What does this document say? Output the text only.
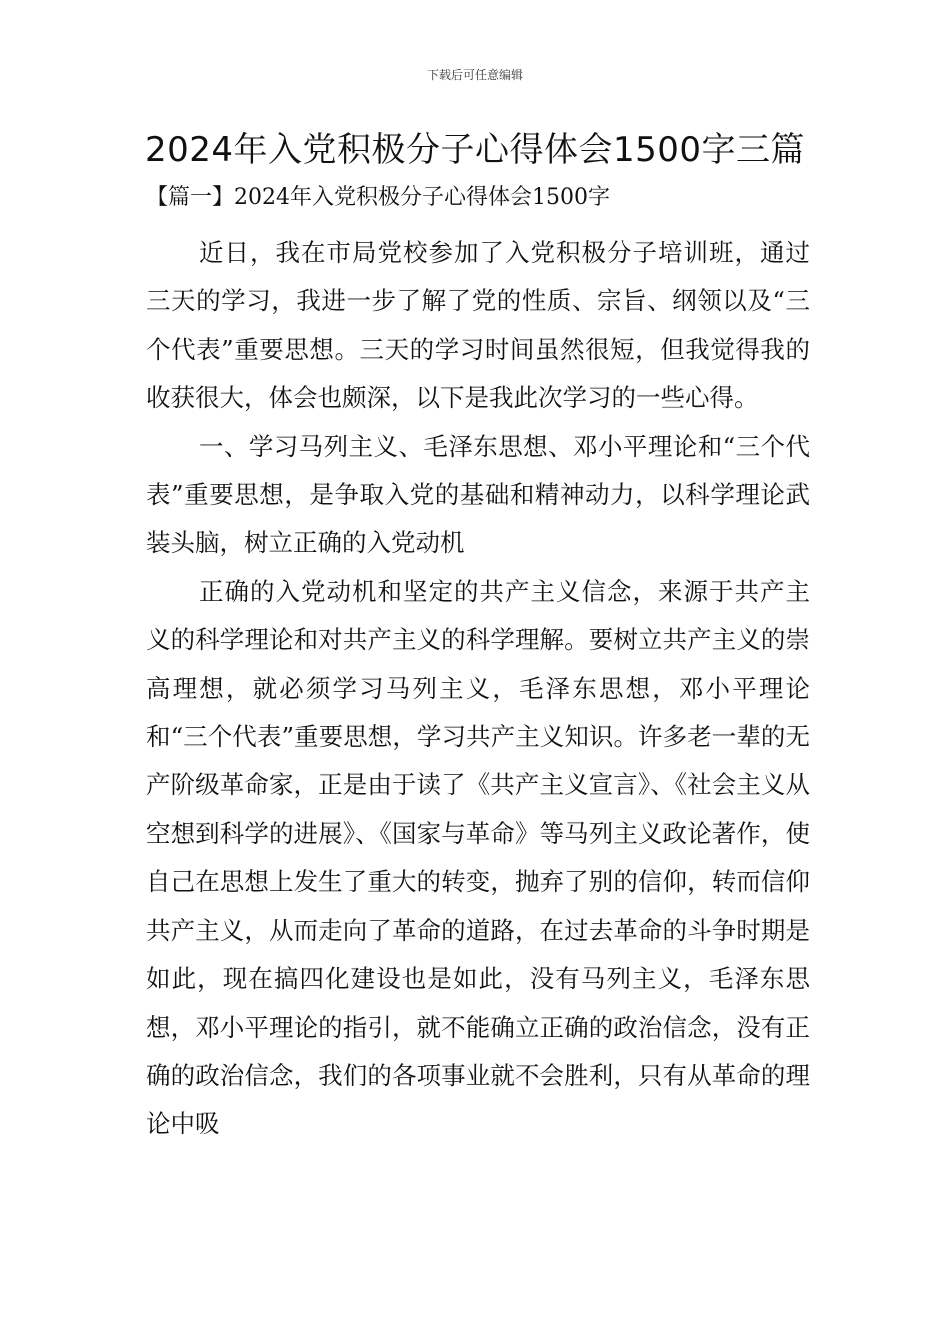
下载后可任意编辑
2024年入党积极分子心得体会1500字三篇
【篇一】2024年入党积极分子心得体会1500字

近日，我在市局党校参加了入党积极分子培训班，通过三天的学习，我进一步了解了党的性质、宗旨、纲领以及“三个代表”重要思想。三天的学习时间虽然很短，但我觉得我的收获很大，体会也颇深，以下是我此次学习的一些心得。

一、学习马列主义、毛泽东思想、邓小平理论和“三个代表”重要思想，是争取入党的基础和精神动力，以科学理论武装头脑，树立正确的入党动机

正确的入党动机和坚定的共产主义信念，来源于共产主义的科学理论和对共产主义的科学理解。要树立共产主义的崇高理想，就必须学习马列主义，毛泽东思想，邓小平理论和“三个代表”重要思想，学习共产主义知识。许多老一辈的无产阶级革命家，正是由于读了《共产主义宣言》、《社会主义从空想到科学的进展》、《国家与革命》等马列主义政论著作，使自己在思想上发生了重大的转变，抛弃了别的信仰，转而信仰共产主义，从而走向了革命的道路，在过去革命的斗争时期是如此，现在搞四化建设也是如此，没有马列主义，毛泽东思想，邓小平理论的指引，就不能确立正确的政治信念，没有正确的政治信念，我们的各项事业就不会胜利，只有从革命的理论中吸
